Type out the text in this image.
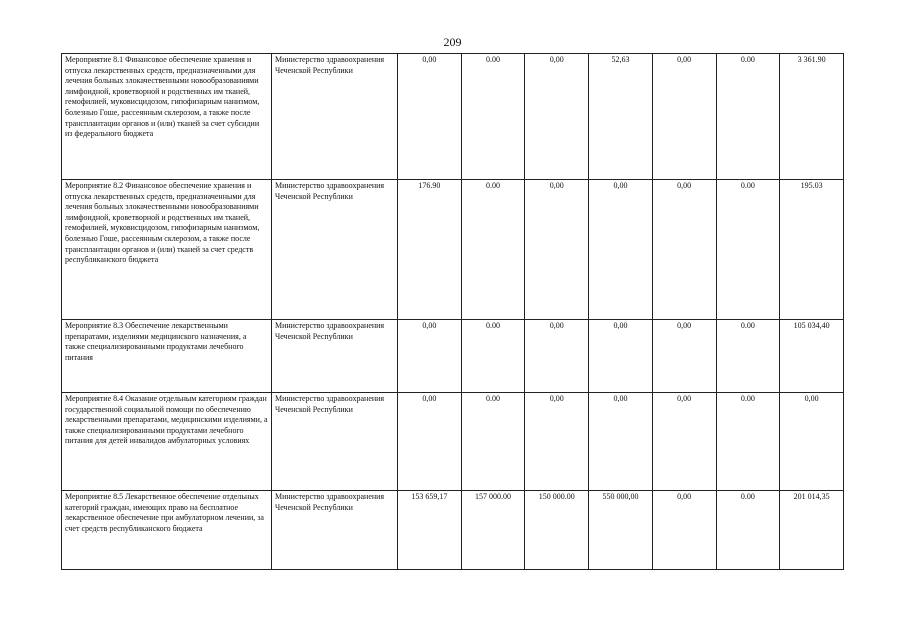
209
Мероприятие 8.1 Финансовое обеспечение хранения и отпуска лекарственных средств, предназначенными для лечения больных злокачественными новообразованиями лимфоидной, кроветворной и родственных им тканей, гемофилией, муковисцидозом, гипофизарным нанизмом, болезнью Гоше, рассеянным склерозом, а также после трансплантации органов и (или) тканей за счет субсидии из федерального бюджета	Министерство здравоохранения Чеченской Республики	0,00	0.00	0,00	52,63	0,00	0.00	3 361.90
Мероприятие 8.2 Финансовое обеспечение хранения и отпуска лекарственных средств, предназначенными для лечения больных злокачественными новообразованиями лимфоидной, кроветворной и родственных им тканей, гемофилией, муковисцидозом, гипофизарным нанизмом, болезнью Гоше, рассеянным склерозом, а также после трансплантации органов и (или) тканей за счет средств республиканского бюджета	Министерство здравоохранения Чеченской Республики	176.90	0.00	0,00	0,00	0,00	0.00	195.03
Мероприятие 8.3 Обеспечение лекарственными препаратами, изделиями медицинского назначения, а также специализированными продуктами лечебного питания	Министерство здравоохранения Чеченской Республики	0,00	0.00	0,00	0,00	0,00	0.00	105 034,40
Мероприятие 8.4 Оказание отдельным категориям граждан государственной социальной помощи по обеспечению лекарственными препаратами, медицинскими изделиями, а также специализированными продуктами лечебного питания для детей инвалидов амбулаторных условиях	Министерство здравоохранения Чеченской Республики	0,00	0.00	0,00	0,00	0,00	0.00	0,00
Мероприятие 8.5 Лекарственное обеспечение отдельных категорий граждан, имеющих право на бесплатное лекарственное обеспечение при амбулаторном лечении, за счет средств республиканского бюджета	Министерство здравоохранения Чеченской Республики	153 659,17	157 000.00	150 000.00	550 000,00	0,00	0.00	201 014,35
